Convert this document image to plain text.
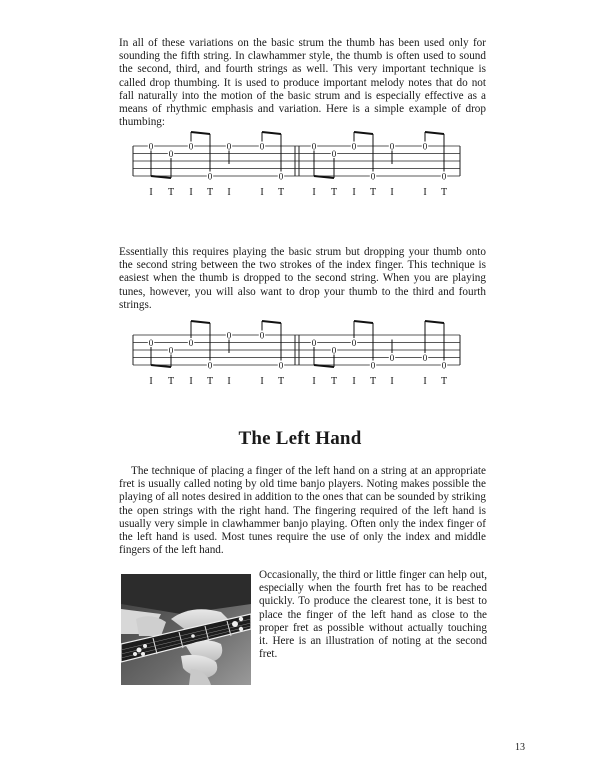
In all of these variations on the basic strum the thumb has been used only for sounding the fifth string. In clawhammer style, the thumb is often used to sound the second, third, and fourth strings as well. This very important technique is called drop thumbing. It is used to produce important melody notes that do not fall naturally into the motion of the basic strum and is especially effective as a means of rhythmic emphasis and variation. Here is a simple example of drop thumbing:

0
I
0
T
0
I
0
T
0
I
0
I
0
T
0
I
0
T
0
I
0
T
0
I
0
I
0
T

Essentially this requires playing the basic strum but dropping your thumb onto the second string between the two strokes of the index finger. This technique is easiest when the thumb is dropped to the second string. When you are playing tunes, however, you will also want to drop your thumb to the third and fourth strings.

0
I
0
T
0
I
0
T
0
I
0
I
0
T
0
I
0
T
0
I
0
T
0
I
0
I
0
T
The Left Hand

The technique of placing a finger of the left hand on a string at an appropriate fret is usually called noting by old time banjo players. Noting makes possible the playing of all notes desired in addition to the ones that can be sounded by striking the open strings with the right hand. The fingering required of the left hand is usually very simple in clawhammer banjo playing. Often only the index finger of the left hand is used. Most tunes require the use of only the index and middle fingers of the left hand.

Occasionally, the third or little finger can help out, especially when the fourth fret has to be reached quickly. To produce the clearest tone, it is best to place the finger of the left hand as close to the proper fret as possible without actually touching it. Here is an illustration of noting at the second fret.

13
